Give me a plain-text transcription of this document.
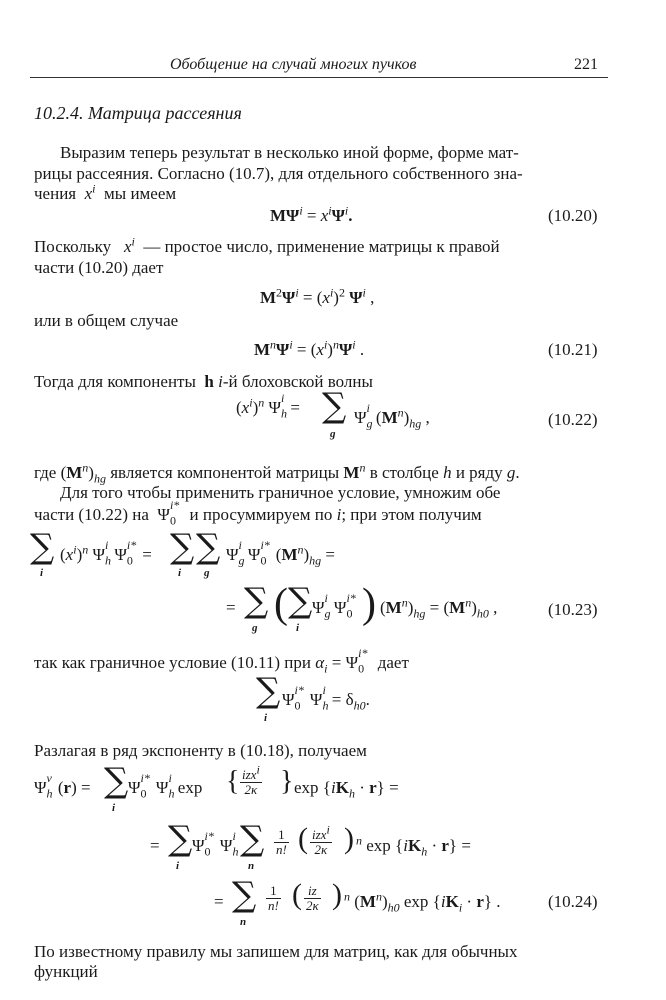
Обобщение на случай многих пучков	221
10.2.4. Матрица рассеяния
Выразим теперь результат в несколько иной форме, форме мат-
рицы рассеяния. Согласно (10.7), для отдельного собственного зна-
чения  $x^i$ мы имеем
$M\Psi^i = x^i\Psi^i$.	(10.20)
Поскольку   $x^i$ — простое число, применение матрицы к правой
части (10.20) дает
$M^2\Psi^i = (x^i)^2$ $\Psi^i$ ,
или в общем случае
$M^n\Psi^i = (x^i)^n\Psi^i$ .	(10.21)
Тогда для компоненты  h i-й блоховской волны
$(x^i)^n$ $\Psi_h^i$ = ∑
g
$\Psi_g^i$ $(M^n)_{hg}$ ,	(10.22)
где $(M^n)_{hg}$ является компонентой матрицы $M^n$ в столбце h и ряду g.
Для того чтобы применить граничное условие, умножим обе
части (10.22) на  $\Psi_0^{i*}$ и просуммируем по i; при этом получим
∑
i
$(x^i)^n$ $\Psi_h^i$ $\Psi_0^{i*}$ = ∑
i
∑
g
$\Psi_g^i$ $\Psi_0^{i*}$ $(M^n)_{hg}$ =
= ∑
g
( ∑
i
$\Psi_g^i$ $\Psi_0^{i*}$ ) $(M^n)_{hg} = (M^n)_{h0}$ ,	(10.23)
так как граничное условие (10.11) при $\alpha_i = \Psi_0^{i*}$ дает
∑
i
$\Psi_0^{i*}$ $\Psi_h^i = \delta_{h0}$.
Разлагая в ряд экспоненту в (10.18), получаем
$\Psi_h^v$ (r) = ∑
i
$\Psi_0^{i*}$ $\Psi_h^i$ exp { $\frac{\text{izxi}}{2\kappa}$ } $\exp \{iK_h \cdot r\}$ =
= ∑
i
$\Psi_0^{i*}$ $\Psi_h^i$ ∑
n
$\frac{1}{n!}$ ( $\frac{\text{izxi}}{2\kappa}$ ) $^n$ $\exp \{iK_h \cdot r\}$ =
= ∑
n
$\frac{1}{n!}$ ( $\frac{iz}{2\kappa}$ ) $^n$ $(M^n)_{h0}$ $\exp \{iK_i \cdot r\}$ .	(10.24)
По известному правилу мы запишем для матриц, как для обычных
функций
